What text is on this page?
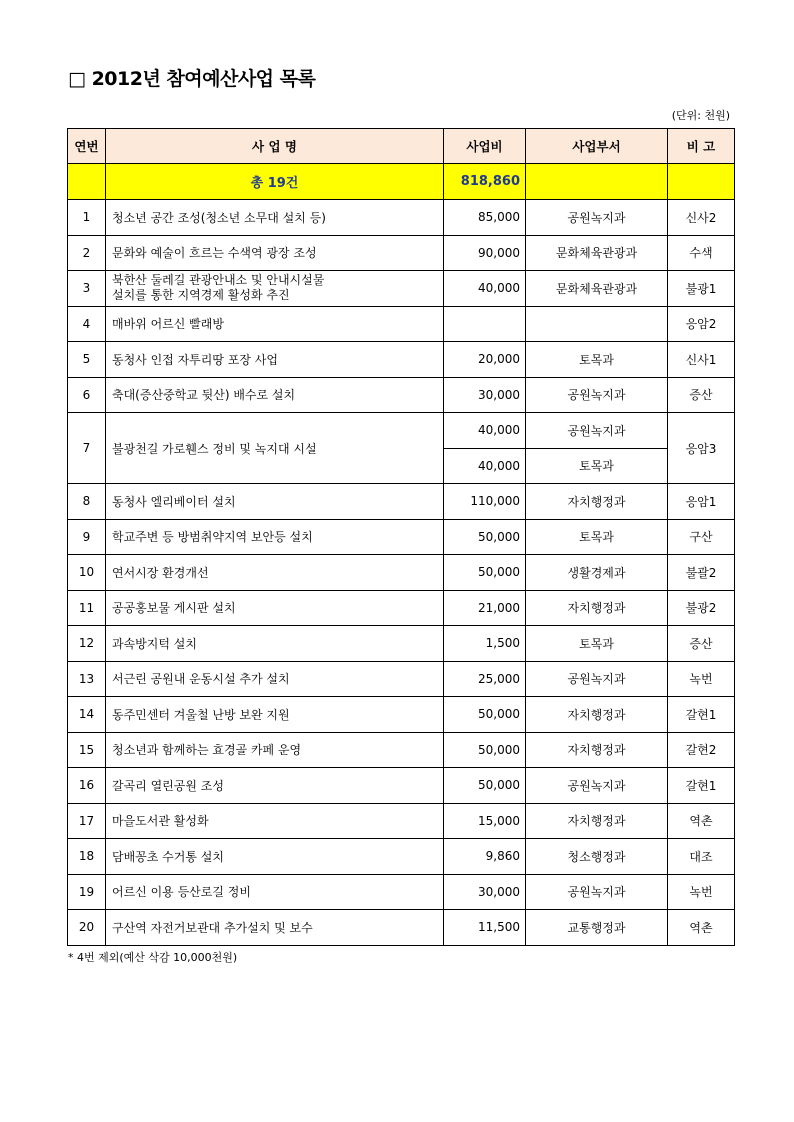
□ 2012년 참여예산사업 목록
(단위: 천원)
연번	사 업 명	사업비	사업부서	비 고
	총 19건	818,860		
1	청소년 공간 조성(청소년 소무대 설치 등)	85,000	공원녹지과	신사2
2	문화와 예술이 흐르는 수색역 광장 조성	90,000	문화체육관광과	수색
3	북한산 둘레길 관광안내소 및 안내시설물
설치를 통한 지역경제 활성화 추진	40,000	문화체육관광과	불광1
4	매바위 어르신 빨래방			응암2
5	동청사 인접 자투리땅 포장 사업	20,000	토목과	신사1
6	축대(증산중학교 뒷산) 배수로 설치	30,000	공원녹지과	증산
7	불광천길 가로휀스 정비 및 녹지대 시설	40,000	공원녹지과	응암3
		40,000	토목과	
8	동청사 엘리베이터 설치	110,000	자치행정과	응암1
9	학교주변 등 방범취약지역 보안등 설치	50,000	토목과	구산
10	연서시장 환경개선	50,000	생활경제과	불괄2
11	공공홍보물 게시판 설치	21,000	자치행정과	불광2
12	과속방지턱 설치	1,500	토목과	증산
13	서근린 공원내 운동시설 추가 설치	25,000	공원녹지과	녹번
14	동주민센터 겨울철 난방 보완 지원	50,000	자치행정과	갈현1
15	청소년과 함께하는 효경골 카페 운영	50,000	자치행정과	갈현2
16	갈곡리 열린공원 조성	50,000	공원녹지과	갈현1
17	마을도서관 활성화	15,000	자치행정과	역촌
18	담배꽁초 수거통 설치	9,860	청소행정과	대조
19	어르신 이용 등산로길 정비	30,000	공원녹지과	녹번
20	구산역 자전거보관대 추가설치 및 보수	11,500	교통행정과	역촌
* 4번 제외(예산 삭감 10,000천원)
